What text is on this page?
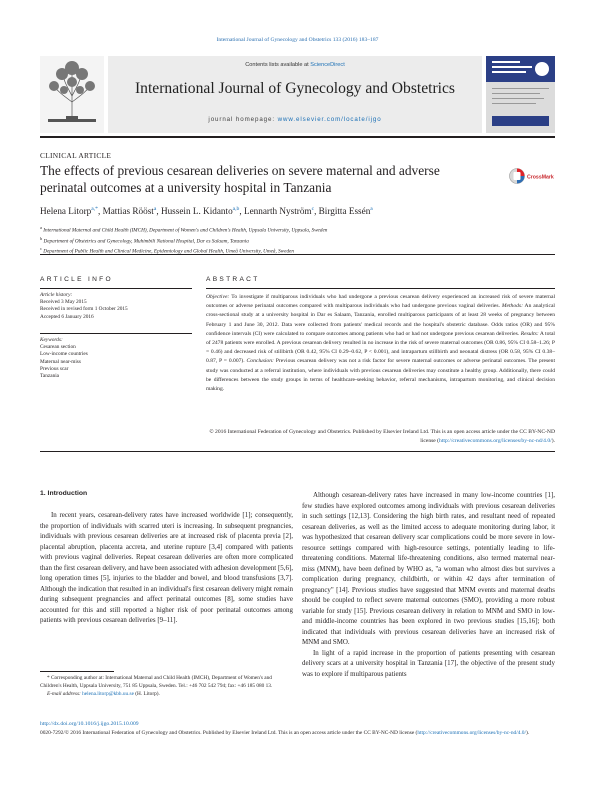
International Journal of Gynecology and Obstetrics 133 (2016) 183–187
Contents lists available at ScienceDirect
International Journal of Gynecology and Obstetrics
journal homepage: www.elsevier.com/locate/ijgo
CLINICAL ARTICLE
The effects of previous cesarean deliveries on severe maternal and adverse perinatal outcomes at a university hospital in Tanzania
CrossMark
Helena Litorp$^{a,*}$, Mattias Rööst$^a$, Hussein L. Kidanto$^{a,b}$, Lennarth Nyström$^c$, Birgitta Essén$^a$
$^a$ International Maternal and Child Health (IMCH), Department of Women's and Children's Health, Uppsala University, Uppsala, Sweden
$^b$ Department of Obstetrics and Gynecology, Muhimbili National Hospital, Dar es Salaam, Tanzania
$^c$ Department of Public Health and Clinical Medicine, Epidemiology and Global Health, Umeå University, Umeå, Sweden
ARTICLE INFO	ABSTRACT
Article history:
Received 3 May 2015
Received in revised form 1 October 2015
Accepted 6 January 2016
Keywords:
Cesarean section
Low-income countries
Maternal near-miss
Previous scar
Tanzania
Objective: To investigate if multiparous individuals who had undergone a previous cesarean delivery experienced an increased risk of severe maternal outcomes or adverse perinatal outcomes compared with multiparous individuals who had undergone previous vaginal deliveries. Methods: An analytical cross-sectional study at a university hospital in Dar es Salaam, Tanzania, enrolled multiparous participants of at least 28 weeks of pregnancy between February 1 and June 30, 2012. Data were collected from patients' medical records and the hospital's obstetric database. Odds ratios (OR) and 95% confidence intervals (CI) were calculated to compare outcomes among patients who had or had not undergone previous cesarean deliveries. Results: A total of 2478 patients were enrolled. A previous cesarean delivery resulted in no increase in the risk of severe maternal outcomes (OR 0.86, 95% CI 0.58–1.26; P = 0.46) and decreased risk of stillbirth (OR 0.42, 95% CI 0.29–0.62, P < 0.001), and intrapartum stillbirth and neonatal distress (OR 0.58, 95% CI 0.38–0.87, P = 0.007). Conclusion: Previous cesarean delivery was not a risk factor for severe maternal outcomes or adverse perinatal outcomes. The present study was conducted at a referral institution, where individuals with previous cesarean deliveries may constitute a healthy group. Additionally, there could be differences between the study groups in terms of healthcare-seeking behavior, referral mechanisms, intrapartum monitoring, and clinical decision making.
© 2016 International Federation of Gynecology and Obstetrics. Published by Elsevier Ireland Ltd. This is an open access article under the CC BY-NC-ND license (http://creativecommons.org/licenses/by-nc-nd/4.0/).
1. Introduction

In recent years, cesarean-delivery rates have increased worldwide [1]; consequently, the proportion of individuals with scarred uteri is increasing. In subsequent pregnancies, individuals with previous cesarean deliveries are at increased risk of placenta previa [2], placental abruption, placenta accreta, and uterine rupture [3,4] compared with patients with previous vaginal deliveries. Repeat cesarean deliveries are often more complicated than the first cesarean delivery, and have been associated with adhesion development [5,6], long operation times [5], injuries to the bladder and bowel, and blood transfusions [3,7]. Although the indication that resulted in an individual's first cesarean delivery might remain during subsequent pregnancies and affect perinatal outcomes [8], some studies have accounted for this and still reported a higher risk of poor perinatal outcomes among patients with previous cesarean deliveries [9–11].

Although cesarean-delivery rates have increased in many low-income countries [1], few studies have explored outcomes among individuals with previous cesarean deliveries in such settings [12,13]. Considering the high birth rates, and resultant need of repeated cesarean deliveries, as well as the limited access to adequate monitoring during labor, it was hypothesized that cesarean delivery scar complications could be more severe in low-resource settings compared with high-resource settings, potentially leading to life-threatening conditions. Maternal life-threatening conditions, also termed maternal near-miss (MNM), have been defined by WHO as, "a woman who almost dies but survives a complication during pregnancy, childbirth, or within 42 days after termination of pregnancy" [14]. Previous studies have suggested that MNM events and maternal deaths should be coupled to reflect severe maternal outcomes (SMO), providing a more robust variable for study [15]. Previous cesarean delivery in relation to MNM and SMO in low- and middle-income countries has been explored in two previous studies [15,16]; both indicated that individuals with previous cesarean deliveries have an increased risk of MNM and SMO.

In light of a rapid increase in the proportion of patients presenting with cesarean delivery scars at a university hospital in Tanzania [17], the objective of the present study was to explore if multiparous patients

* Corresponding author at: International Maternal and Child Health (IMCH), Department of Women's and Children's Health, Uppsala University, 751 85 Uppsala, Sweden. Tel.: +46 702 542 794; fax: +46 185 080 13.

E-mail address: helena.litorp@kbh.uu.se (H. Litorp).

http://dx.doi.org/10.1016/j.ijgo.2015.10.009
0020-7292/© 2016 International Federation of Gynecology and Obstetrics. Published by Elsevier Ireland Ltd. This is an open access article under the CC BY-NC-ND license (http://creativecommons.org/licenses/by-nc-nd/4.0/).
